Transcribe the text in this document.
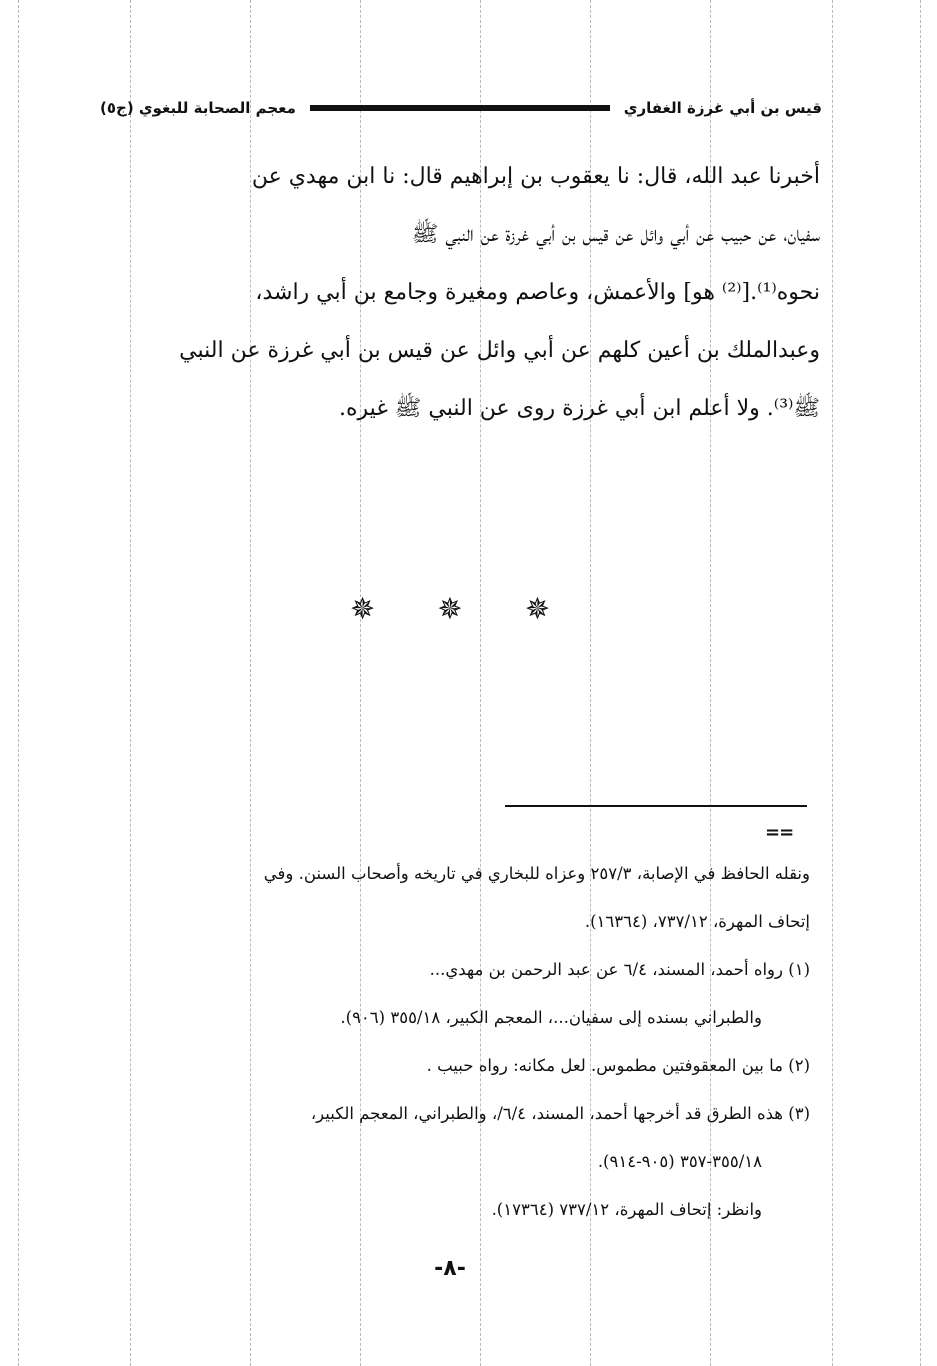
قيس بن أبي غرزة الغفاري
معجم الصحابة للبغوي (ج٥)

أخبرنا عبد الله، قال: نا يعقوب بن إبراهيم قال: نا ابن مهدي عن

سفيان، عن حبيب عن أبي وائل عن قيس بن أبي غرزة عن النبي ﷺ

نحوه⁽¹⁾.[⁽²⁾ هو] والأعمش، وعاصم ومغيرة وجامع بن أبي راشد،

وعبدالملك بن أعين كلهم عن أبي وائل عن قيس بن أبي غرزة عن النبي

ﷺ⁽³⁾. ولا أعلم ابن أبي غرزة روى عن النبي ﷺ غيره.

✵ ✵ ✵
==

ونقله الحافظ في الإصابة، ٢٥٧/٣ وعزاه للبخاري في تاريخه وأصحاب السنن. وفي

إتحاف المهرة، ٧٣٧/١٢، (١٦٣٦٤).

(١) رواه أحمد، المسند، ٦/٤ عن عبد الرحمن بن مهدي...

والطبراني بسنده إلى سفيان...، المعجم الكبير، ٣٥٥/١٨ (٩٠٦).

(٢) ما بين المعقوفتين مطموس. لعل مكانه: رواه حبيب .

(٣) هذه الطرق قد أخرجها أحمد، المسند، ٦/٤/، والطبراني، المعجم الكبير،

٣٥٥/١٨-٣٥٧ (٩٠٥-٩١٤).

وانظر: إتحاف المهرة، ٧٣٧/١٢ (١٧٣٦٤).

-٨-
